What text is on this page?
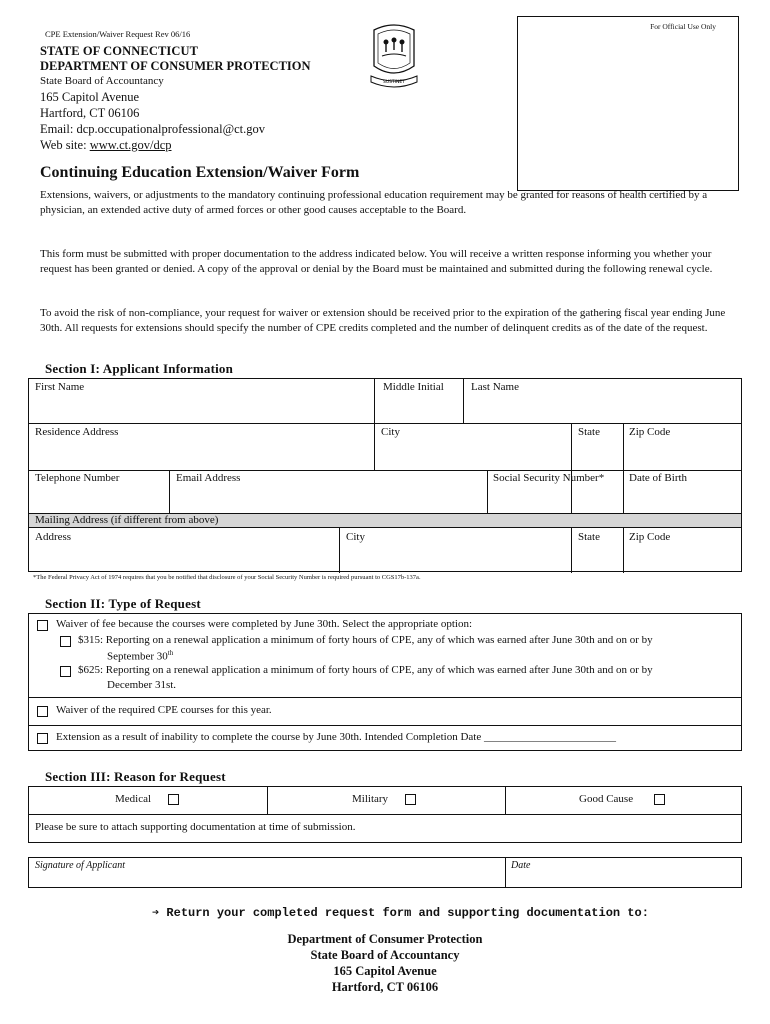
CPE Extension/Waiver Request Rev 06/16
STATE OF CONNECTICUT
DEPARTMENT OF CONSUMER PROTECTION
State Board of Accountancy
165 Capitol Avenue
Hartford, CT 06106
Email: dcp.occupationalprofessional@ct.gov
Web site: www.ct.gov/dcp
SUSTINET
For Official Use Only
Continuing Education Extension/Waiver Form
Extensions, waivers, or adjustments to the mandatory continuing professional education requirement may be granted for reasons of health certified by a physician, an extended active duty of armed forces or other good causes acceptable to the Board.
This form must be submitted with proper documentation to the address indicated below. You will receive a written response informing you whether your request has been granted or denied. A copy of the approval or denial by the Board must be maintained and submitted during the following renewal cycle.
To avoid the risk of non-compliance, your request for waiver or extension should be received prior to the expiration of the gathering fiscal year ending June 30th. All requests for extensions should specify the number of CPE credits completed and the number of delinquent credits as of the date of the request.
Section I: Applicant Information
First Name	Middle Initial Last Name
Residence Address	City	State	Zip Code
Telephone Number	Email Address	Social Security Number* Date of Birth
Mailing Address (if different from above)
Address	City	State	Zip Code
*The Federal Privacy Act of 1974 requires that you be notified that disclosure of your Social Security Number is required pursuant to CGS17b-137a.
Section II: Type of Request
Waiver of fee because the courses were completed by June 30th. Select the appropriate option:
$315: Reporting on a renewal application a minimum of forty hours of CPE, any of which was earned after June 30th and on or by
September 30th
$625: Reporting on a renewal application a minimum of forty hours of CPE, any of which was earned after June 30th and on or by
December 31st.
Waiver of the required CPE courses for this year.
Extension as a result of inability to complete the course by June 30th. Intended Completion Date ________________________
Section III: Reason for Request
Medical	Military	Good Cause
Please be sure to attach supporting documentation at time of submission.
Signature of Applicant	Date
➔ Return your completed request form and supporting documentation to:
Department of Consumer Protection
State Board of Accountancy
165 Capitol Avenue
Hartford, CT 06106
